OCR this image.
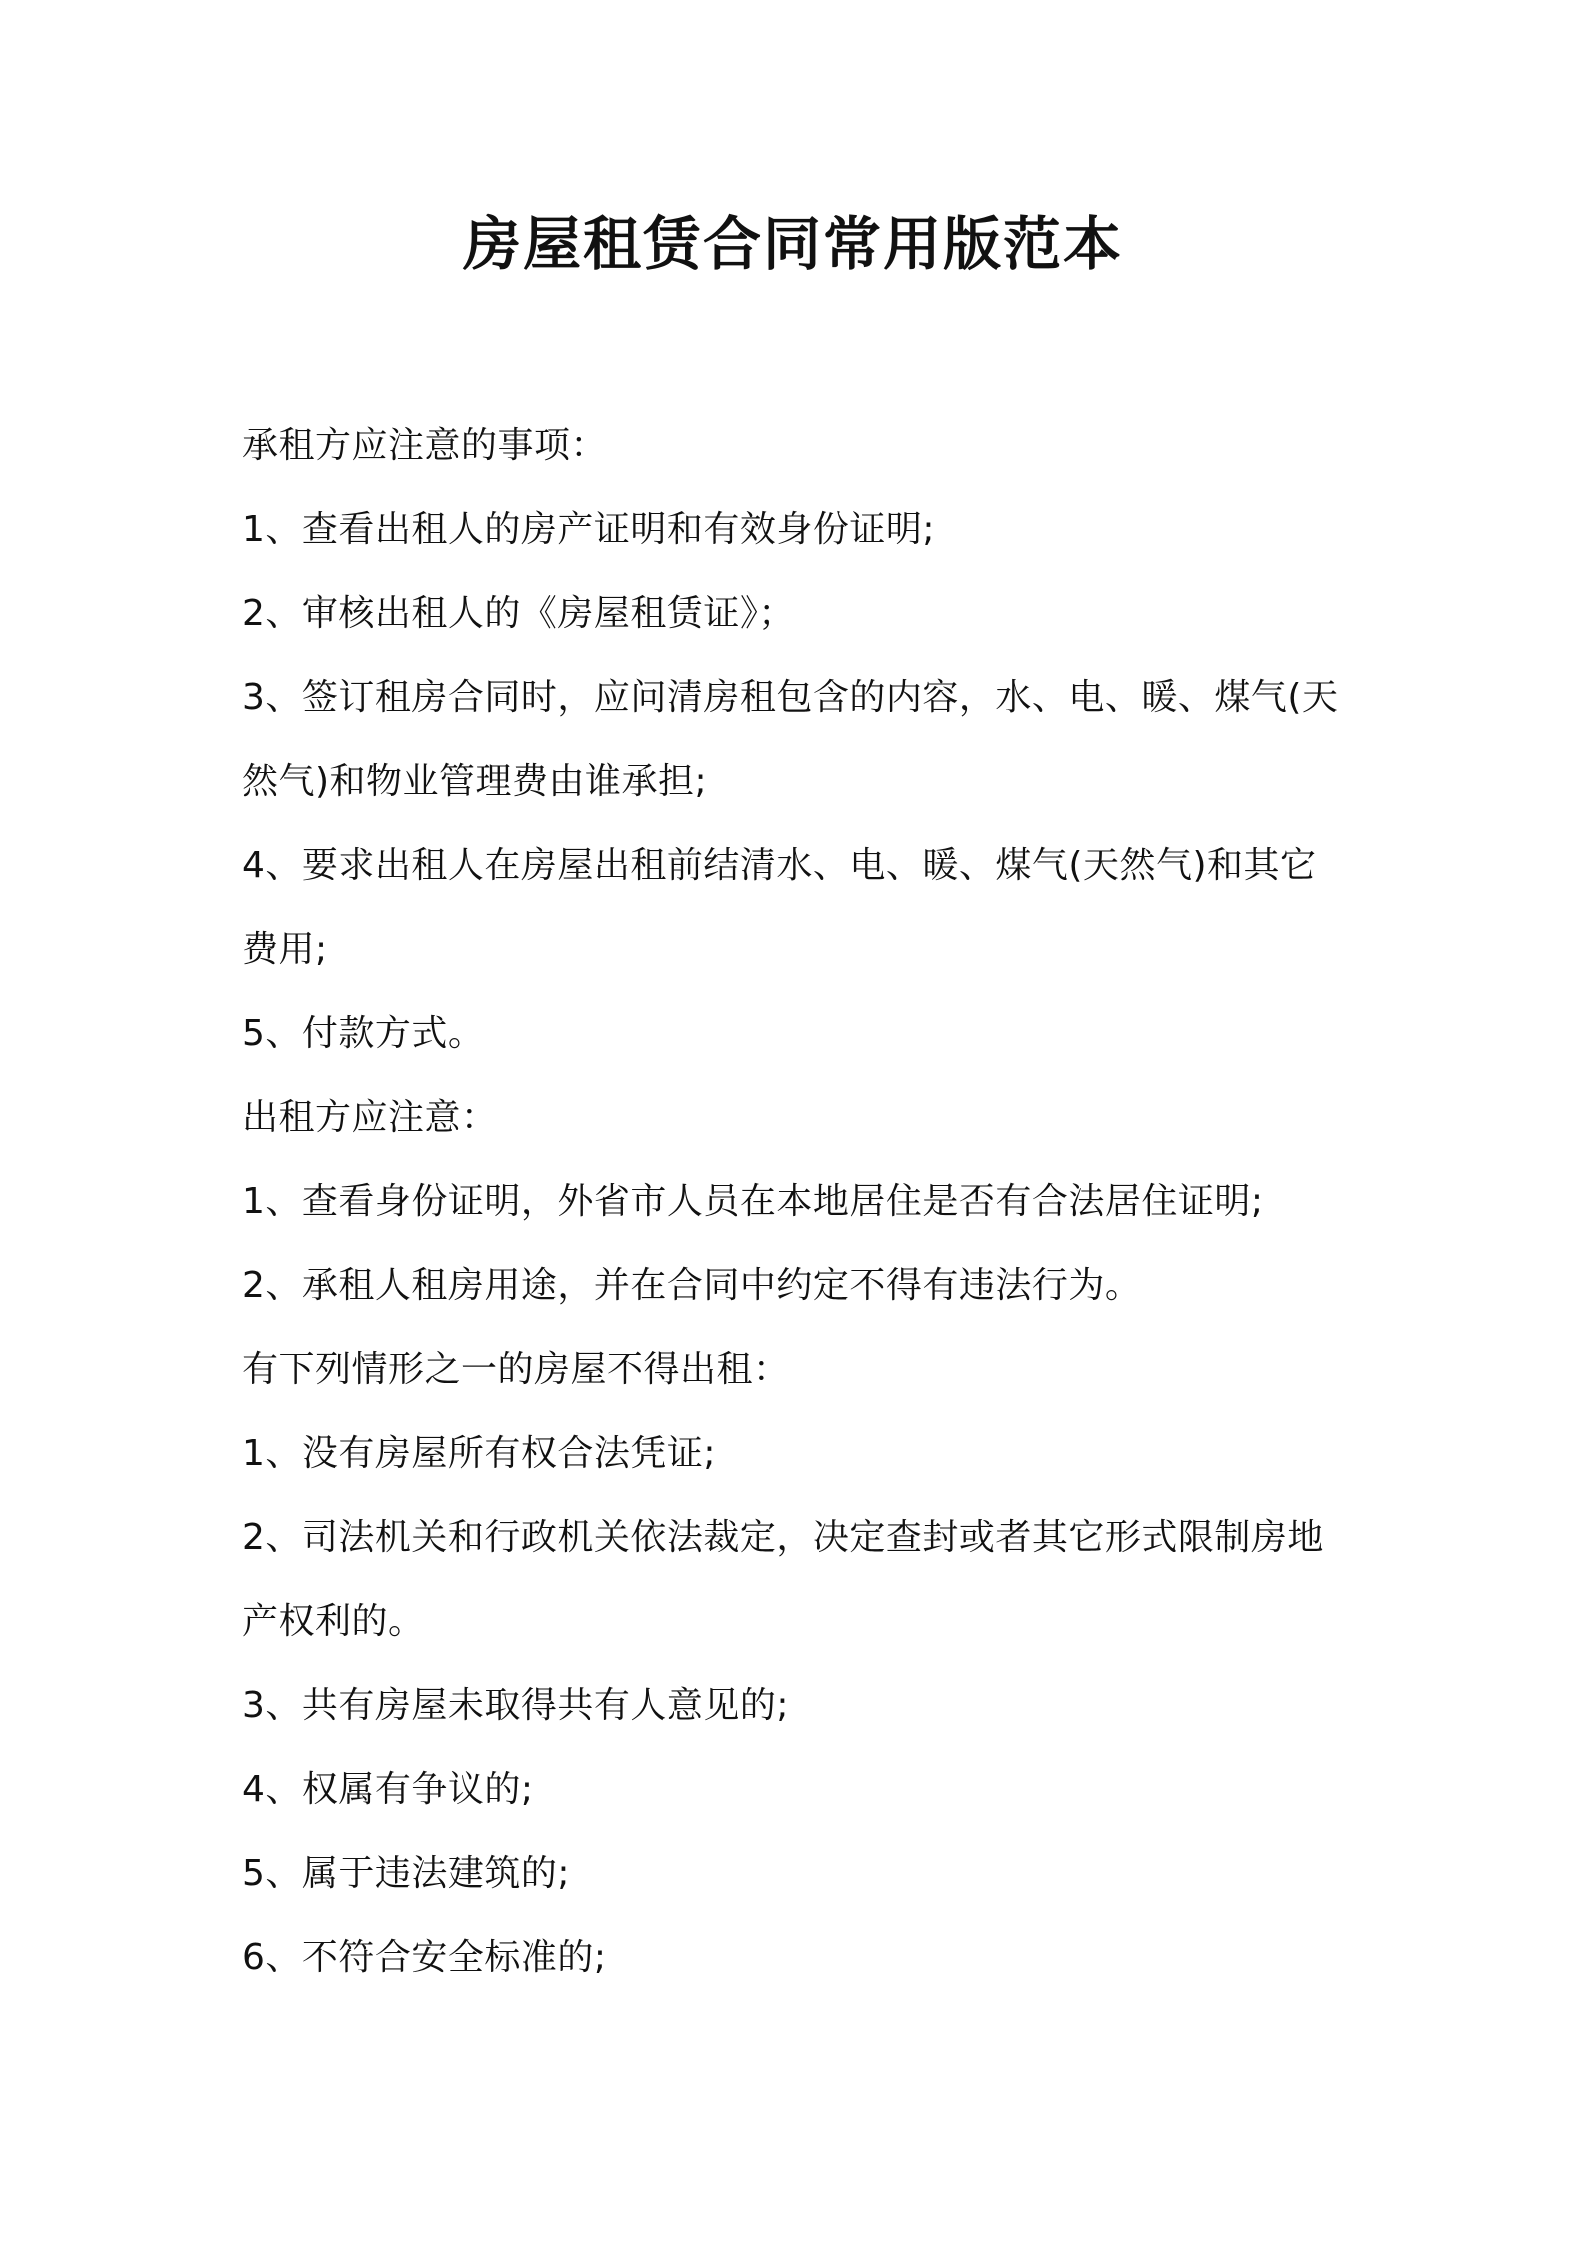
房屋租赁合同常用版范本
承租方应注意的事项：
1、查看出租人的房产证明和有效身份证明;
2、审核出租人的《房屋租赁证》；
3、签订租房合同时，应问清房租包含的内容，水、电、暖、煤气(天
然气)和物业管理费由谁承担;
4、要求出租人在房屋出租前结清水、电、暖、煤气(天然气)和其它
费用;
5、付款方式。
出租方应注意：
1、查看身份证明，外省市人员在本地居住是否有合法居住证明;
2、承租人租房用途，并在合同中约定不得有违法行为。
有下列情形之一的房屋不得出租：
1、没有房屋所有权合法凭证;
2、司法机关和行政机关依法裁定，决定查封或者其它形式限制房地
产权利的。
3、共有房屋未取得共有人意见的;
4、权属有争议的;
5、属于违法建筑的;
6、不符合安全标准的;
